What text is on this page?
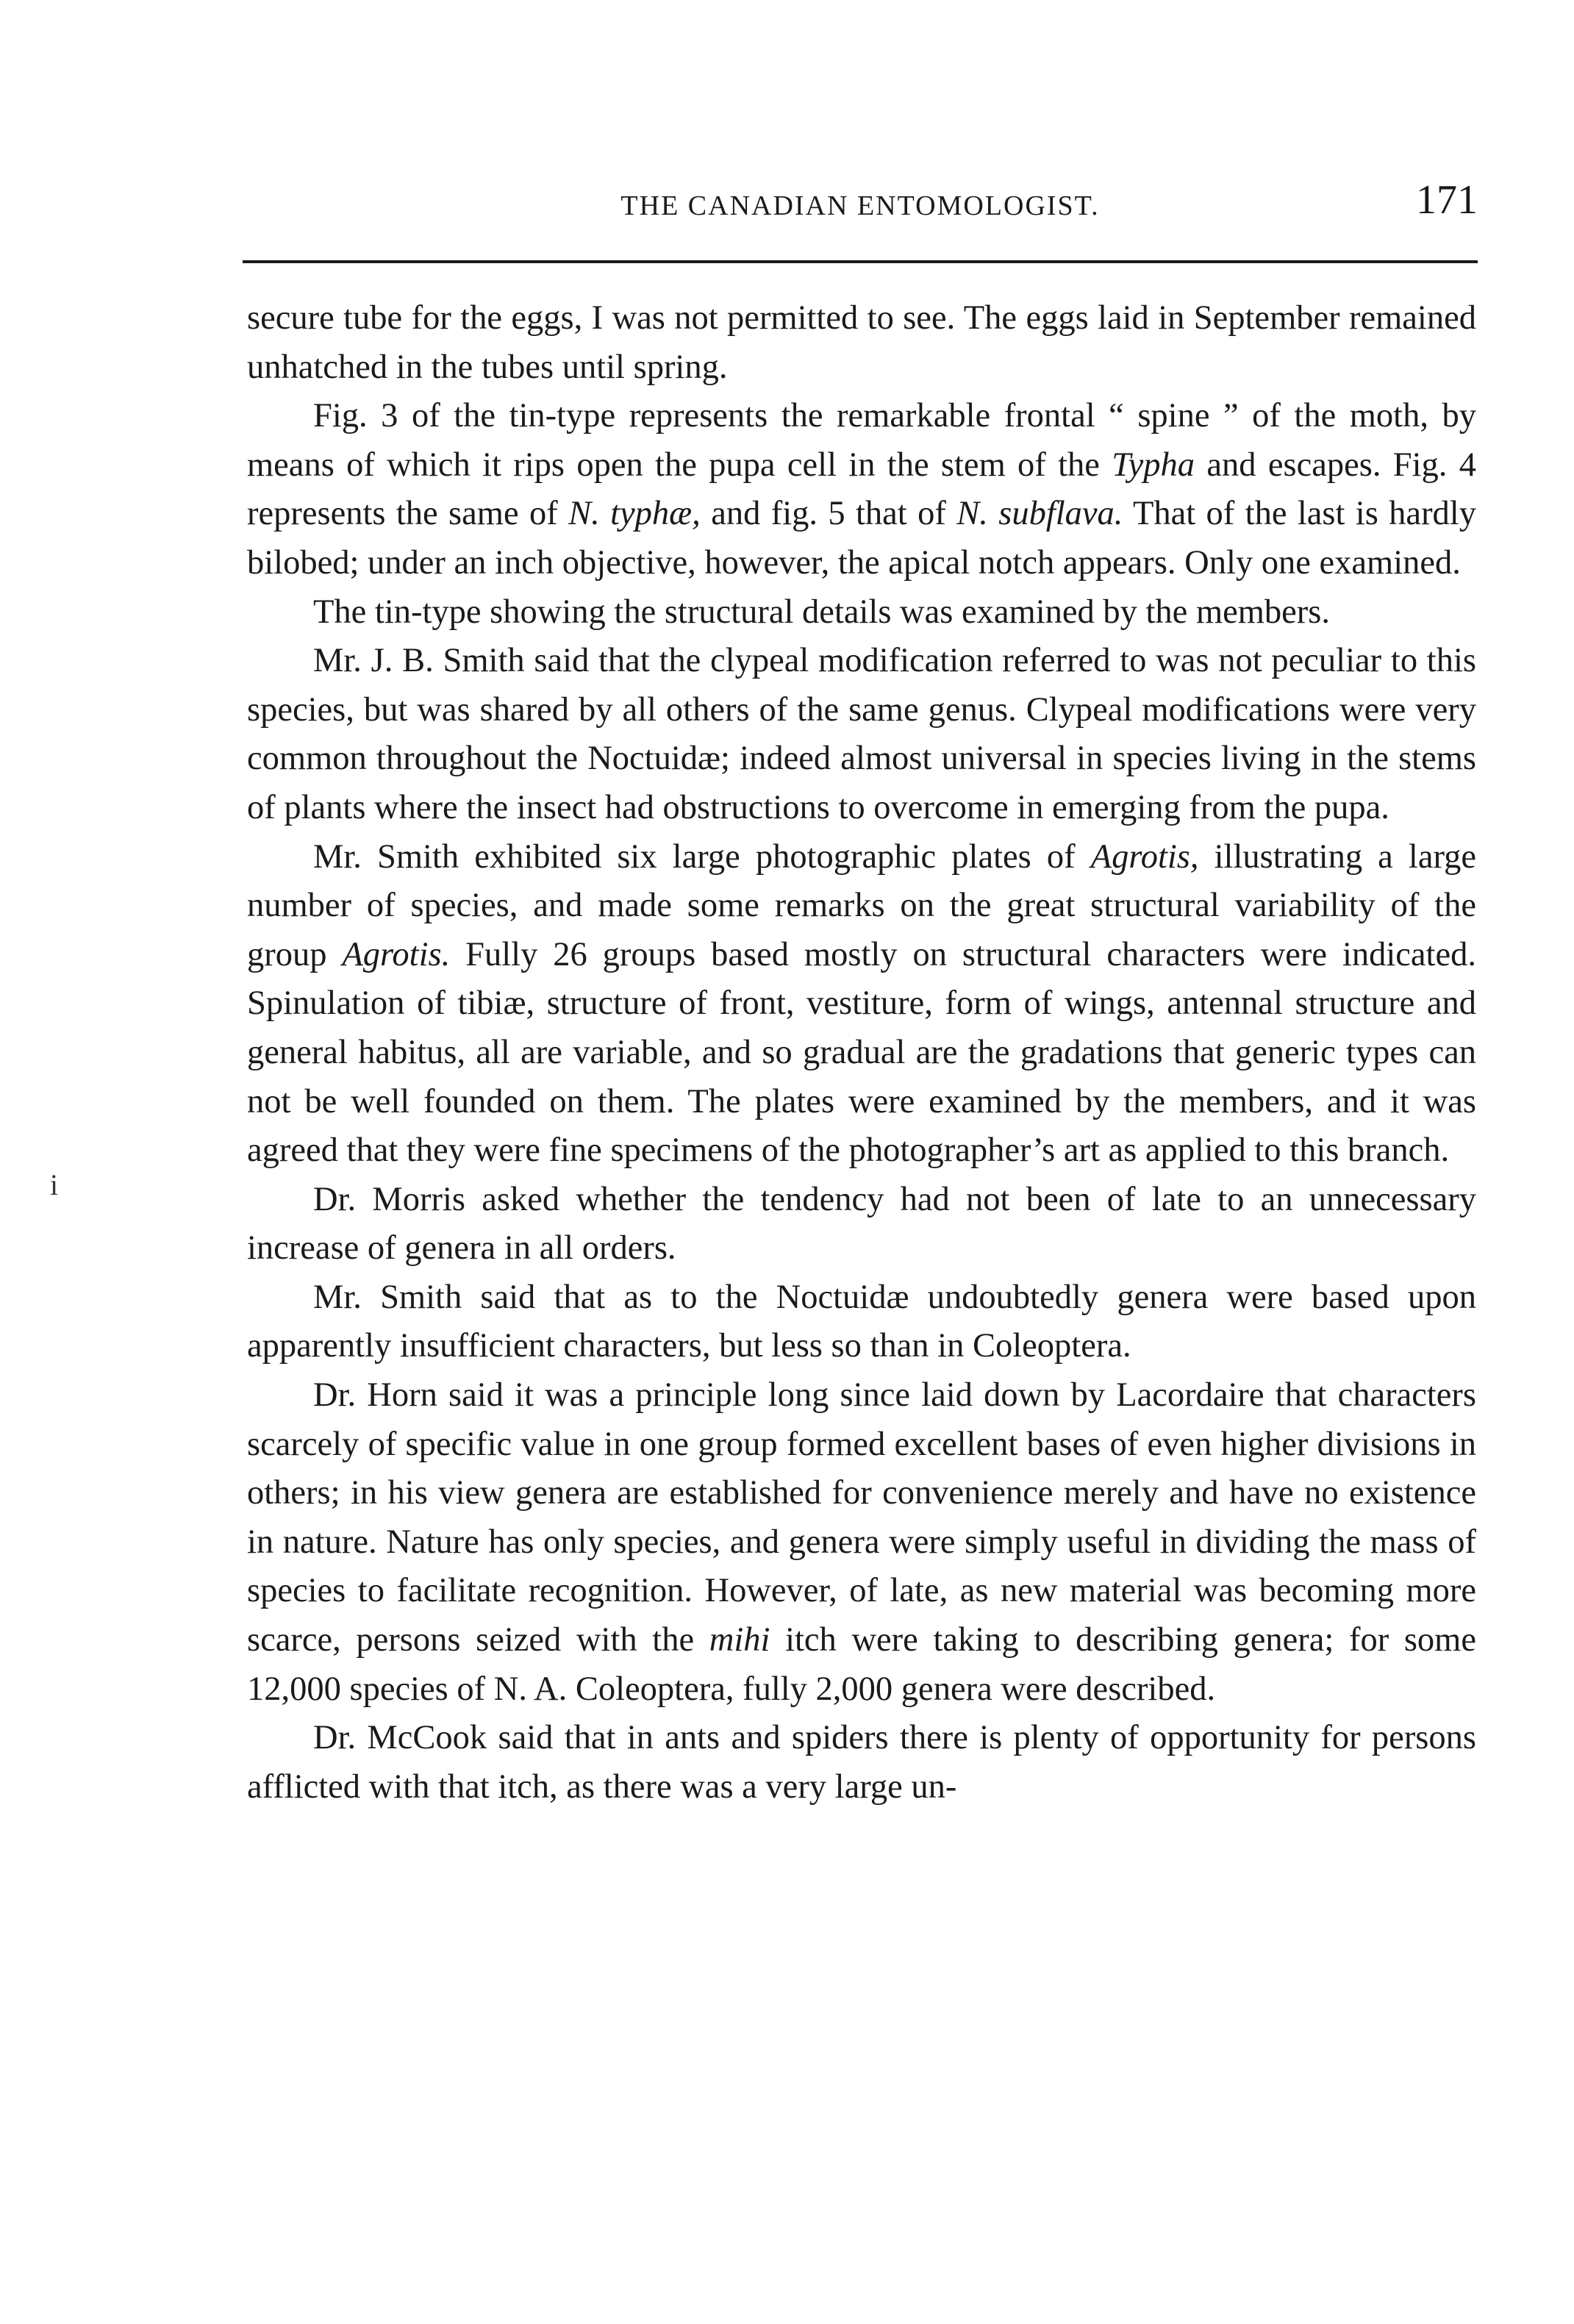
THE CANADIAN ENTOMOLOGIST.	171

secure tube for the eggs, I was not permitted to see. The eggs laid in September remained unhatched in the tubes until spring.

Fig. 3 of the tin-type represents the remarkable frontal “ spine ” of the moth, by means of which it rips open the pupa cell in the stem of the Typha and escapes. Fig. 4 represents the same of N. typhæ, and fig. 5 that of N. subflava. That of the last is hardly bilobed; under an inch objective, however, the apical notch appears. Only one examined.

The tin-type showing the structural details was examined by the members.

Mr. J. B. Smith said that the clypeal modification referred to was not peculiar to this species, but was shared by all others of the same genus. Clypeal modifications were very common throughout the Noctuidæ; indeed almost universal in species living in the stems of plants where the insect had obstructions to overcome in emerging from the pupa.

Mr. Smith exhibited six large photographic plates of Agrotis, illustrating a large number of species, and made some remarks on the great structural variability of the group Agrotis. Fully 26 groups based mostly on structural characters were indicated. Spinulation of tibiæ, structure of front, vestiture, form of wings, antennal structure and general habitus, all are variable, and so gradual are the gradations that generic types can not be well founded on them. The plates were examined by the members, and it was agreed that they were fine specimens of the photographer’s art as applied to this branch.

Dr. Morris asked whether the tendency had not been of late to an unnecessary increase of genera in all orders.

Mr. Smith said that as to the Noctuidæ undoubtedly genera were based upon apparently insufficient characters, but less so than in Coleoptera.

Dr. Horn said it was a principle long since laid down by Lacordaire that characters scarcely of specific value in one group formed excellent bases of even higher divisions in others; in his view genera are established for convenience merely and have no existence in nature. Nature has only species, and genera were simply useful in dividing the mass of species to facilitate recognition. However, of late, as new material was becoming more scarce, persons seized with the mihi itch were taking to describing genera; for some 12,000 species of N. A. Coleoptera, fully 2,000 genera were described.

Dr. McCook said that in ants and spiders there is plenty of opportunity for persons afflicted with that itch, as there was a very large un-

i
